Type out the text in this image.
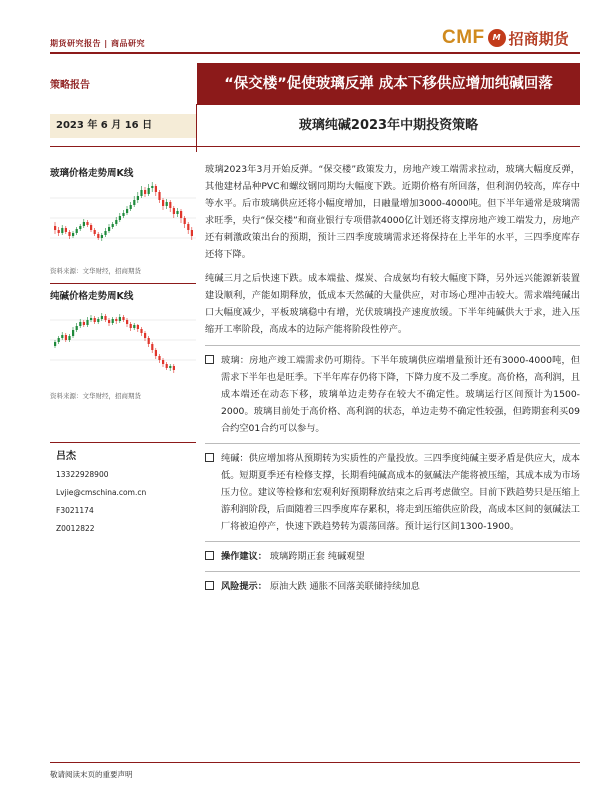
期货研究报告 | 商品研究	CMF	M 招商期货
策略报告	“保交楼”促使玻璃反弹 成本下移供应增加纯碱回落
2023 年 6 月 16 日	玻璃纯碱2023年中期投资策略
玻璃价格走势周K线
资料来源：文华财经，招商期货
纯碱价格走势周K线
资料来源：文华财经，招商期货
吕杰
13322928900
Lvjie@cmschina.com.cn
F3021174
Z0012822

玻璃2023年3月开始反弹。“保交楼”政策发力，房地产竣工端需求拉动，玻璃大幅度反弹，其他建材品种PVC和螺纹钢同期均大幅度下跌。近期价格有所回落，但利润仍较高，库存中等水平。后市玻璃供应还将小幅度增加，日融量增加3000-4000吨。但下半年通常是玻璃需求旺季，央行“保交楼”和商业银行专项借款4000亿计划还将支撑房地产竣工端发力，房地产还有刺激政策出台的预期，预计三四季度玻璃需求还将保持在上半年的水平，三四季度库存还将下降。

纯碱三月之后快速下跌。成本端盐、煤炭、合成氨均有较大幅度下降，另外远兴能源新装置建设顺利，产能如期释放，低成本天然碱的大量供应，对市场心理冲击较大。需求端纯碱出口大幅度减少，平板玻璃稳中有增，光伏玻璃投产速度放缓。下半年纯碱供大于求，进入压缩开工率阶段，高成本的边际产能将阶段性停产。

玻璃：房地产竣工端需求仍可期待。下半年玻璃供应端增量预计还有3000-4000吨，但需求下半年也是旺季。下半年库存仍将下降，下降力度不及二季度。高价格，高利润，且成本端还在动态下移，玻璃单边走势存在较大不确定性。玻璃运行区间预计为1500-2000。玻璃目前处于高价格、高利润的状态，单边走势不确定性较强，但跨期套利买09合约空01合约可以参与。
纯碱：供应增加将从预期转为实质性的产量投放。三四季度纯碱主要矛盾是供应大，成本低。短期夏季还有检修支撑，长期看纯碱高成本的氨碱法产能将被压缩，其成本成为市场压力位。建议等检修和宏观利好预期释放结束之后再考虑做空。目前下跌趋势只是压缩上游利润阶段，后面随着三四季度库存累积，将走到压缩供应阶段，高成本区间的氨碱法工厂将被迫停产，快速下跌趋势转为震荡回落。预计运行区间1300-1900。
操作建议： 玻璃跨期正套 纯碱观望
风险提示： 原油大跌 通胀不回落美联储持续加息
敬请阅读末页的重要声明
